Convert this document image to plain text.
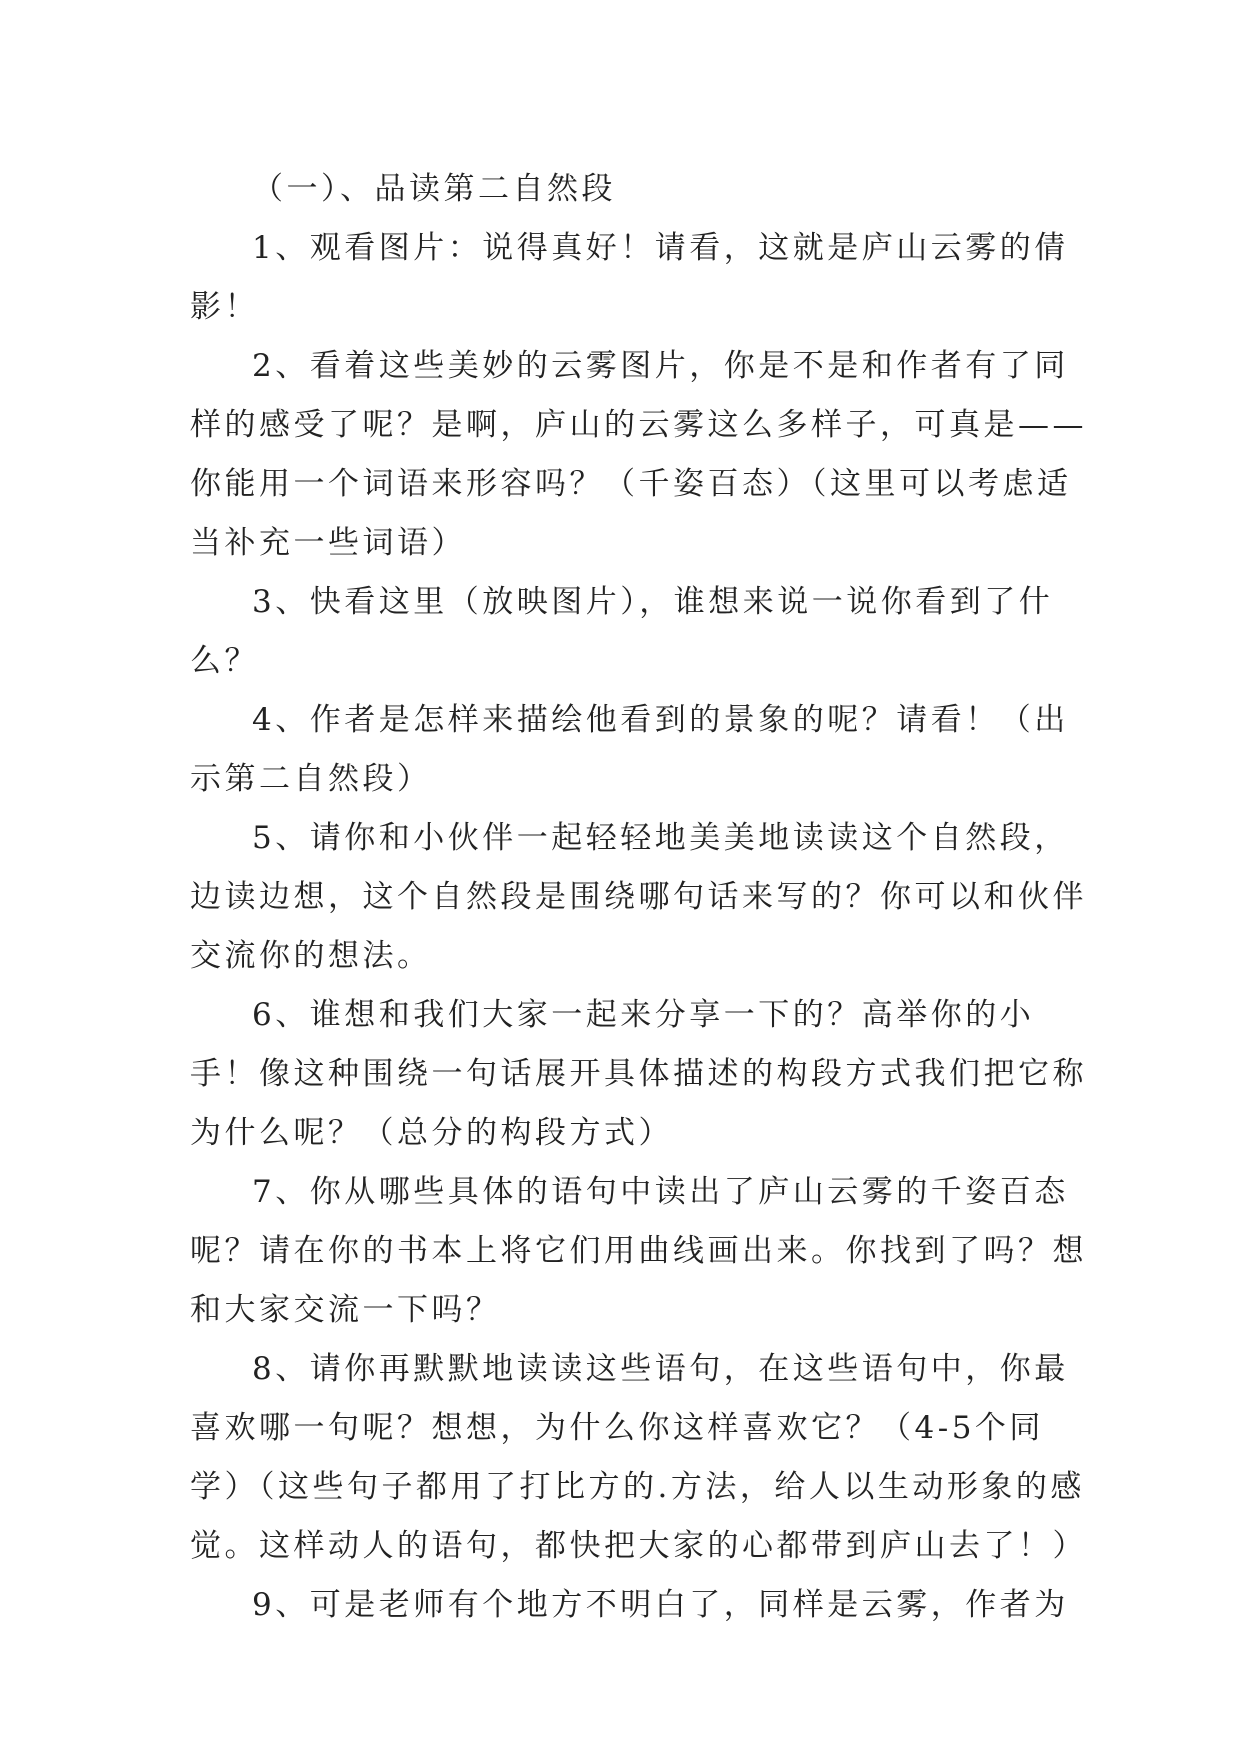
（一）、品读第二自然段

1、观看图片：说得真好！请看，这就是庐山云雾的倩影！

2、看着这些美妙的云雾图片，你是不是和作者有了同样的感受了呢？是啊，庐山的云雾这么多样子，可真是——你能用一个词语来形容吗？（千姿百态）（这里可以考虑适当补充一些词语）

3、快看这里（放映图片），谁想来说一说你看到了什么？

4、作者是怎样来描绘他看到的景象的呢？请看！（出示第二自然段）

5、请你和小伙伴一起轻轻地美美地读读这个自然段，边读边想，这个自然段是围绕哪句话来写的？你可以和伙伴交流你的想法。

6、谁想和我们大家一起来分享一下的？高举你的小手！像这种围绕一句话展开具体描述的构段方式我们把它称为什么呢？（总分的构段方式）

7、你从哪些具体的语句中读出了庐山云雾的千姿百态呢？请在你的书本上将它们用曲线画出来。你找到了吗？想和大家交流一下吗？

8、请你再默默地读读这些语句，在这些语句中，你最喜欢哪一句呢？想想，为什么你这样喜欢它？（4-5个同学）（这些句子都用了打比方的.方法，给人以生动形象的感觉。这样动人的语句，都快把大家的心都带到庐山去了！）

9、可是老师有个地方不明白了，同样是云雾，作者为
